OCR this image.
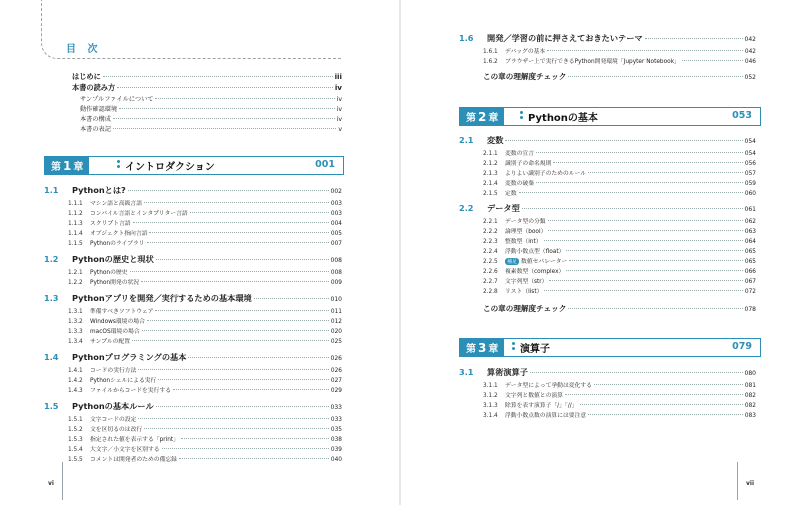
目 次
vi	vii
はじめに	iii
本書の読み方	iv
サンプルファイルについて	iv
動作確認環境	iv
本書の構成	iv
本書の表記	v
第 1 章	イントロダクション	001
1.1	Pythonとは?	002
1.1.1	マシン語と高級言語	003
1.1.2	コンパイル言語とインタプリター言語	003
1.1.3	スクリプト言語	004
1.1.4	オブジェクト指向言語	005
1.1.5	Pythonのライブラリ	007
1.2	Pythonの歴史と現状	008
1.2.1	Pythonの歴史	008
1.2.2	Python開発の状況	009
1.3	Pythonアプリを開発／実行するための基本環境	010
1.3.1	準備すべきソフトウェア	011
1.3.2	Windows環境の場合	012
1.3.3	macOS環境の場合	020
1.3.4	サンプルの配置	025
1.4	Pythonプログラミングの基本	026
1.4.1	コードの実行方法	026
1.4.2	Pythonシェルによる実行	027
1.4.3	ファイルからコードを実行する	029
1.5	Pythonの基本ルール	033
1.5.1	文字コードの設定	033
1.5.2	文を区切るのは改行	035
1.5.3	指定された値を表示する「print」	038
1.5.4	大文字／小文字を区別する	039
1.5.5	コメントは開発者のための備忘録	040
1.6	開発／学習の前に押さえておきたいテーマ	042
1.6.1	デバッグの基本	042
1.6.2	ブラウザー上で実行できるPython開発環境「Jupyter Notebook」	046
この章の理解度チェック	052
第 2 章	Pythonの基本	053
2.1	変数	054
2.1.1	変数の宣言	054
2.1.2	識別子の命名規則	056
2.1.3	よりよい識別子のためのルール	057
2.1.4	変数の破棄	059
2.1.5	定数	060
2.2	データ型	061
2.2.1	データ型の分類	062
2.2.2	論理型（bool）	063
2.2.3	整数型（int）	064
2.2.4	浮動小数点型（float）	065
2.2.5	補足 数値セパレーター	065
2.2.6	複素数型（complex）	066
2.2.7	文字列型（str）	067
2.2.8	リスト（list）	072
この章の理解度チェック	078
第 3 章 演算子	079
3.1	算術演算子	080
3.1.1	データ型によって挙動は変化する	081
3.1.2	文字列と数値との演算	082
3.1.3	除算を表す演算子「/」「//」	082
3.1.4	浮動小数点数の演算には要注意	083
